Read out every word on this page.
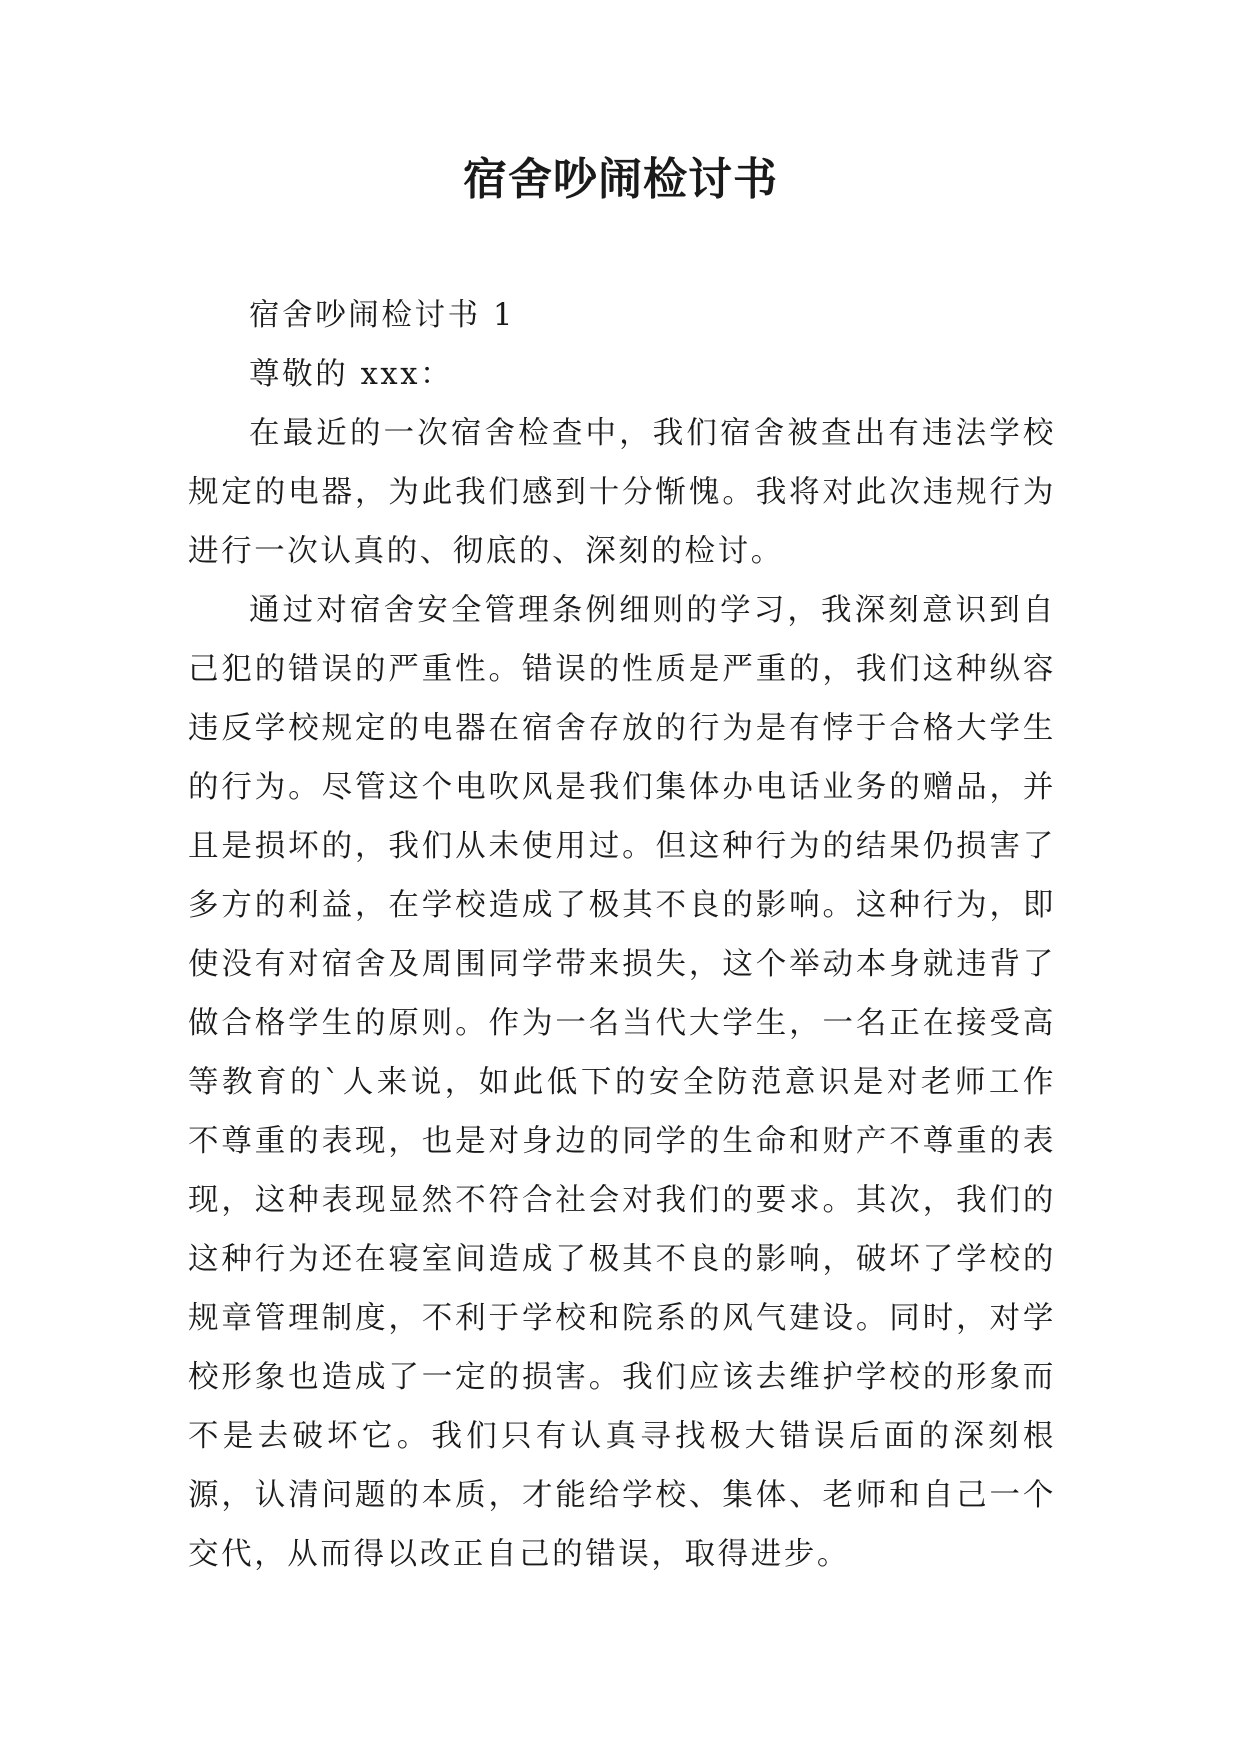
宿舍吵闹检讨书

宿舍吵闹检讨书 1

尊敬的 xxx：

在最近的一次宿舍检查中，我们宿舍被查出有违法学校规定的电器，为此我们感到十分惭愧。我将对此次违规行为进行一次认真的、彻底的、深刻的检讨。

通过对宿舍安全管理条例细则的学习，我深刻意识到自己犯的错误的严重性。错误的性质是严重的，我们这种纵容违反学校规定的电器在宿舍存放的行为是有悖于合格大学生的行为。尽管这个电吹风是我们集体办电话业务的赠品，并且是损坏的，我们从未使用过。但这种行为的结果仍损害了多方的利益，在学校造成了极其不良的影响。这种行为，即使没有对宿舍及周围同学带来损失，这个举动本身就违背了做合格学生的原则。作为一名当代大学生，一名正在接受高等教育的`人来说，如此低下的安全防范意识是对老师工作不尊重的表现，也是对身边的同学的生命和财产不尊重的表现，这种表现显然不符合社会对我们的要求。其次，我们的这种行为还在寝室间造成了极其不良的影响，破坏了学校的规章管理制度，不利于学校和院系的风气建设。同时，对学校形象也造成了一定的损害。我们应该去维护学校的形象而不是去破坏它。我们只有认真寻找极大错误后面的深刻根源，认清问题的本质，才能给学校、集体、老师和自己一个交代，从而得以改正自己的错误，取得进步。
